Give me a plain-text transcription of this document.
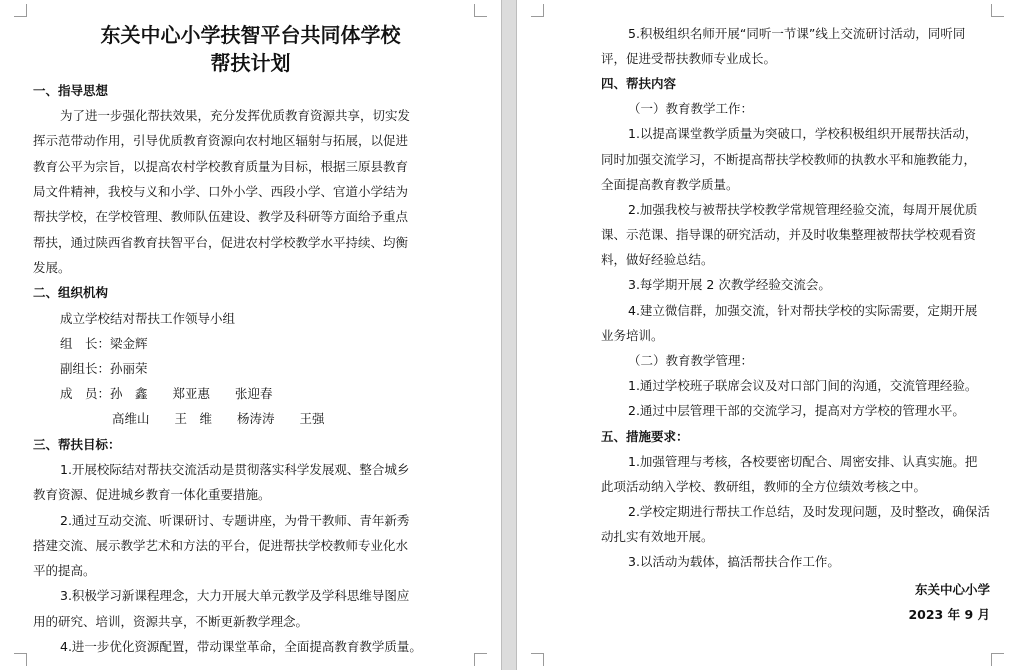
东关中心小学扶智平台共同体学校
帮扶计划
一、指导思想
为了进一步强化帮扶效果，充分发挥优质教育资源共享，切实发
挥示范带动作用，引导优质教育资源向农村地区辐射与拓展，以促进
教育公平为宗旨，以提高农村学校教育质量为目标，根据三原县教育
局文件精神，我校与义和小学、口外小学、西段小学、官道小学结为
帮扶学校，在学校管理、教师队伍建设、教学及科研等方面给予重点
帮扶，通过陕西省教育扶智平台，促进农村学校教学水平持续、均衡
发展。
二、组织机构
成立学校结对帮扶工作领导小组
组　长：梁金辉
副组长：孙丽荣
成　员：孙　鑫　　郑亚惠　　张迎春
高维山　　王　维　　杨涛涛　　王强
三、帮扶目标：
1.开展校际结对帮扶交流活动是贯彻落实科学发展观、整合城乡
教育资源、促进城乡教育一体化重要措施。
2.通过互动交流、听课研讨、专题讲座，为骨干教师、青年新秀
搭建交流、展示教学艺术和方法的平台，促进帮扶学校教师专业化水
平的提高。
3.积极学习新课程理念，大力开展大单元教学及学科思维导图应
用的研究、培训，资源共享，不断更新教学理念。
4.进一步优化资源配置，带动课堂革命，全面提高教育教学质量。
5.积极组织名师开展“同听一节课”线上交流研讨活动，同听同
评，促进受帮扶教师专业成长。
四、帮扶内容
（一）教育教学工作：
1.以提高课堂教学质量为突破口，学校积极组织开展帮扶活动，
同时加强交流学习，不断提高帮扶学校教师的执教水平和施教能力，
全面提高教育教学质量。
2.加强我校与被帮扶学校教学常规管理经验交流，每周开展优质
课、示范课、指导课的研究活动，并及时收集整理被帮扶学校观看资
料，做好经验总结。
3.每学期开展 2 次教学经验交流会。
4.建立微信群，加强交流，针对帮扶学校的实际需要，定期开展
业务培训。
（二）教育教学管理：
1.通过学校班子联席会议及对口部门间的沟通，交流管理经验。
2.通过中层管理干部的交流学习，提高对方学校的管理水平。
五、措施要求：
1.加强管理与考核，各校要密切配合、周密安排、认真实施。把
此项活动纳入学校、教研组，教师的全方位绩效考核之中。
2.学校定期进行帮扶工作总结，及时发现问题，及时整改，确保活
动扎实有效地开展。
3.以活动为载体，搞活帮扶合作工作。
东关中心小学
2023 年 9 月
